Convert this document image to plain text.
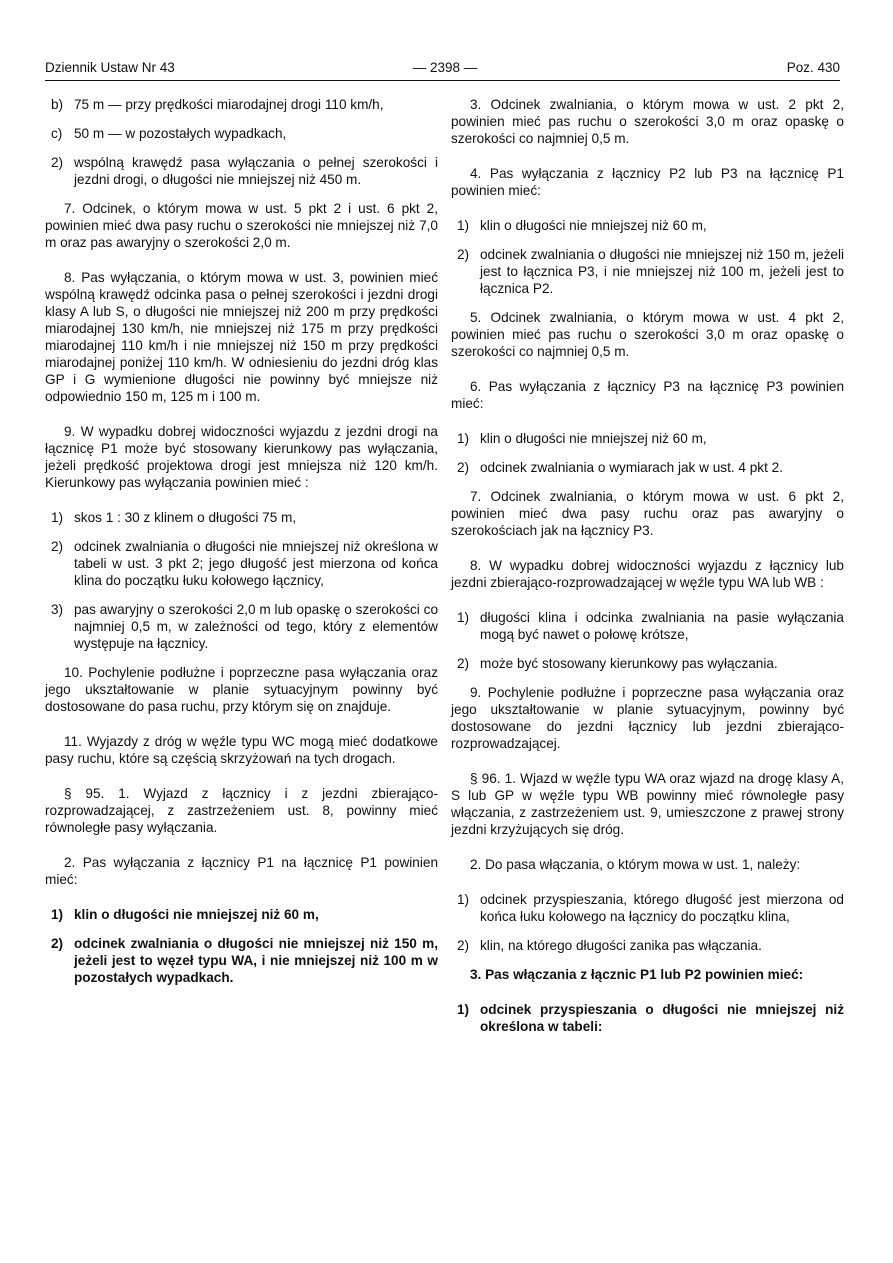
Dziennik Ustaw Nr 43	— 2398 —	Poz. 430
b) 75 m — przy prędkości miarodajnej drogi 110 km/h,
c) 50 m — w pozostałych wypadkach,
2) wspólną krawędź pasa wyłączania o pełnej szerokości i jezdni drogi, o długości nie mniejszej niż 450 m.

7. Odcinek, o którym mowa w ust. 5 pkt 2 i ust. 6 pkt 2, powinien mieć dwa pasy ruchu o szerokości nie mniejszej niż 7,0 m oraz pas awaryjny o szerokości 2,0 m.

8. Pas wyłączania, o którym mowa w ust. 3, powinien mieć wspólną krawędź odcinka pasa o pełnej szerokości i jezdni drogi klasy A lub S, o długości nie mniejszej niż 200 m przy prędkości miarodajnej 130 km/h, nie mniejszej niż 175 m przy prędkości miarodajnej 110 km/h i nie mniejszej niż 150 m przy prędkości miarodajnej poniżej 110 km/h. W odniesieniu do jezdni dróg klas GP i G wymienione długości nie powinny być mniejsze niż odpowiednio 150 m, 125 m i 100 m.

9. W wypadku dobrej widoczności wyjazdu z jezdni drogi na łącznicę P1 może być stosowany kierunkowy pas wyłączania, jeżeli prędkość projektowa drogi jest mniejsza niż 120 km/h. Kierunkowy pas wyłączania powinien mieć :

1) skos 1 : 30 z klinem o długości 75 m,
2) odcinek zwalniania o długości nie mniejszej niż określona w tabeli w ust. 3 pkt 2; jego długość jest mierzona od końca klina do początku łuku kołowego łącznicy,
3) pas awaryjny o szerokości 2,0 m lub opaskę o szerokości co najmniej 0,5 m, w zależności od tego, który z elementów występuje na łącznicy.

10. Pochylenie podłużne i poprzeczne pasa wyłączania oraz jego ukształtowanie w planie sytuacyjnym powinny być dostosowane do pasa ruchu, przy którym się on znajduje.

11. Wyjazdy z dróg w węźle typu WC mogą mieć dodatkowe pasy ruchu, które są częścią skrzyżowań na tych drogach.

§ 95. 1. Wyjazd z łącznicy i z jezdni zbierająco-rozprowadzającej, z zastrzeżeniem ust. 8, powinny mieć równoległe pasy wyłączania.

2. Pas wyłączania z łącznicy P1 na łącznicę P1 powinien mieć:

1) klin o długości nie mniejszej niż 60 m,
2) odcinek zwalniania o długości nie mniejszej niż 150 m, jeżeli jest to węzeł typu WA, i nie mniejszej niż 100 m w pozostałych wypadkach.

3. Odcinek zwalniania, o którym mowa w ust. 2 pkt 2, powinien mieć pas ruchu o szerokości 3,0 m oraz opaskę o szerokości co najmniej 0,5 m.

4. Pas wyłączania z łącznicy P2 lub P3 na łącznicę P1 powinien mieć:

1) klin o długości nie mniejszej niż 60 m,
2) odcinek zwalniania o długości nie mniejszej niż 150 m, jeżeli jest to łącznica P3, i nie mniejszej niż 100 m, jeżeli jest to łącznica P2.

5. Odcinek zwalniania, o którym mowa w ust. 4 pkt 2, powinien mieć pas ruchu o szerokości 3,0 m oraz opaskę o szerokości co najmniej 0,5 m.

6. Pas wyłączania z łącznicy P3 na łącznicę P3 powinien mieć:

1) klin o długości nie mniejszej niż 60 m,
2) odcinek zwalniania o wymiarach jak w ust. 4 pkt 2.

7. Odcinek zwalniania, o którym mowa w ust. 6 pkt 2, powinien mieć dwa pasy ruchu oraz pas awaryjny o szerokościach jak na łącznicy P3.

8. W wypadku dobrej widoczności wyjazdu z łącznicy lub jezdni zbierająco-rozprowadzającej w węźle typu WA lub WB :

1) długości klina i odcinka zwalniania na pasie wyłączania mogą być nawet o połowę krótsze,
2) może być stosowany kierunkowy pas wyłączania.

9. Pochylenie podłużne i poprzeczne pasa wyłączania oraz jego ukształtowanie w planie sytuacyjnym, powinny być dostosowane do jezdni łącznicy lub jezdni zbierająco-rozprowadzającej.

§ 96. 1. Wjazd w węźle typu WA oraz wjazd na drogę klasy A, S lub GP w węźle typu WB powinny mieć równoległe pasy włączania, z zastrzeżeniem ust. 9, umieszczone z prawej strony jezdni krzyżujących się dróg.

2. Do pasa włączania, o którym mowa w ust. 1, należy:

1) odcinek przyspieszania, którego długość jest mierzona od końca łuku kołowego na łącznicy do początku klina,
2) klin, na którego długości zanika pas włączania.

3. Pas włączania z łącznic P1 lub P2 powinien mieć:

1) odcinek przyspieszania o długości nie mniejszej niż określona w tabeli:
